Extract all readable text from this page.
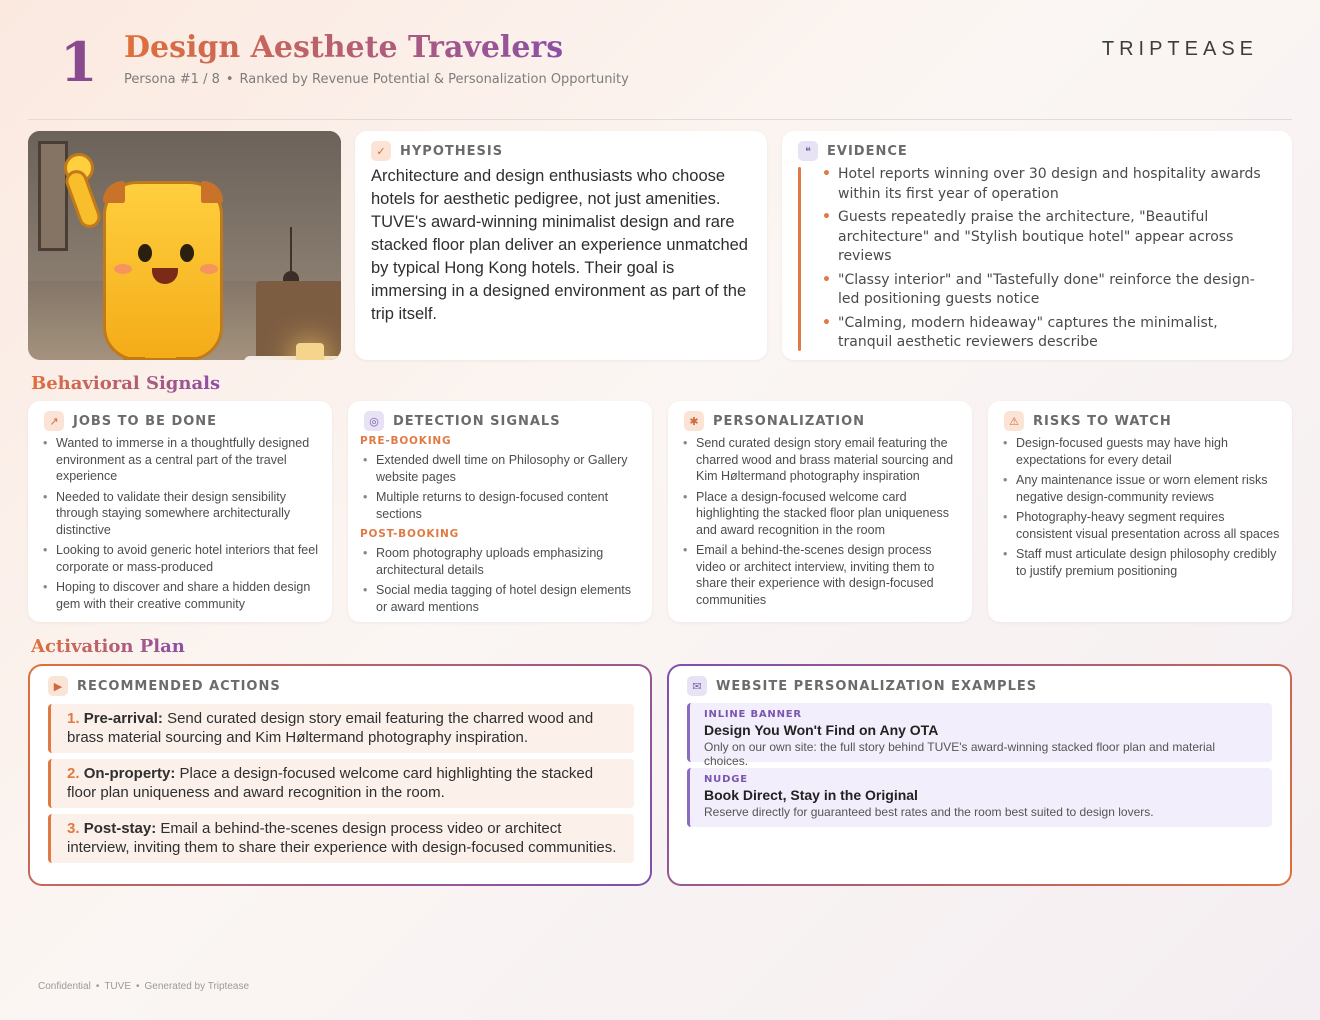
1 Design Aesthete Travelers
Persona #1 / 8 • Ranked by Revenue Potential & Personalization Opportunity
TRIPTEASE
✓	HYPOTHESIS
Architecture and design enthusiasts who choose hotels for aesthetic pedigree, not just amenities. TUVE's award-winning minimalist design and rare stacked floor plan deliver an experience unmatched by typical Hong Kong hotels. Their goal is immersing in a designed environment as part of the trip itself.
❝	EVIDENCE
• Hotel reports winning over 30 design and hospitality awards within its first year of operation
• Guests repeatedly praise the architecture, "Beautiful architecture" and "Stylish boutique hotel" appear across reviews
• "Classy interior" and "Tastefully done" reinforce the design-led positioning guests notice
• "Calming, modern hideaway" captures the minimalist, tranquil aesthetic reviewers describe
Behavioral Signals
↗	JOBS TO BE DONE
• Wanted to immerse in a thoughtfully designed environment as a central part of the travel experience
• Needed to validate their design sensibility through staying somewhere architecturally distinctive
• Looking to avoid generic hotel interiors that feel corporate or mass-produced
• Hoping to discover and share a hidden design gem with their creative community
◎	DETECTION SIGNALS
PRE-BOOKING
• Extended dwell time on Philosophy or Gallery website pages
• Multiple returns to design-focused content sections
POST-BOOKING
• Room photography uploads emphasizing architectural details
• Social media tagging of hotel design elements or award mentions
✱	PERSONALIZATION
• Send curated design story email featuring the charred wood and brass material sourcing and Kim Høltermand photography inspiration
• Place a design-focused welcome card highlighting the stacked floor plan uniqueness and award recognition in the room
• Email a behind-the-scenes design process video or architect interview, inviting them to share their experience with design-focused communities
⚠	RISKS TO WATCH
• Design-focused guests may have high expectations for every detail
• Any maintenance issue or worn element risks negative design-community reviews
• Photography-heavy segment requires consistent visual presentation across all spaces
• Staff must articulate design philosophy credibly to justify premium positioning
Activation Plan
▶	RECOMMENDED ACTIONS
1. Pre-arrival: Send curated design story email featuring the charred wood and brass material sourcing and Kim Høltermand photography inspiration.
2. On-property: Place a design-focused welcome card highlighting the stacked floor plan uniqueness and award recognition in the room.
3. Post-stay: Email a behind-the-scenes design process video or architect interview, inviting them to share their experience with design-focused communities.
✉	WEBSITE PERSONALIZATION EXAMPLES
INLINE BANNER
Design You Won't Find on Any OTA
Only on our own site: the full story behind TUVE's award-winning stacked floor plan and material choices.
NUDGE
Book Direct, Stay in the Original
Reserve directly for guaranteed best rates and the room best suited to design lovers.
Confidential • TUVE • Generated by Triptease
